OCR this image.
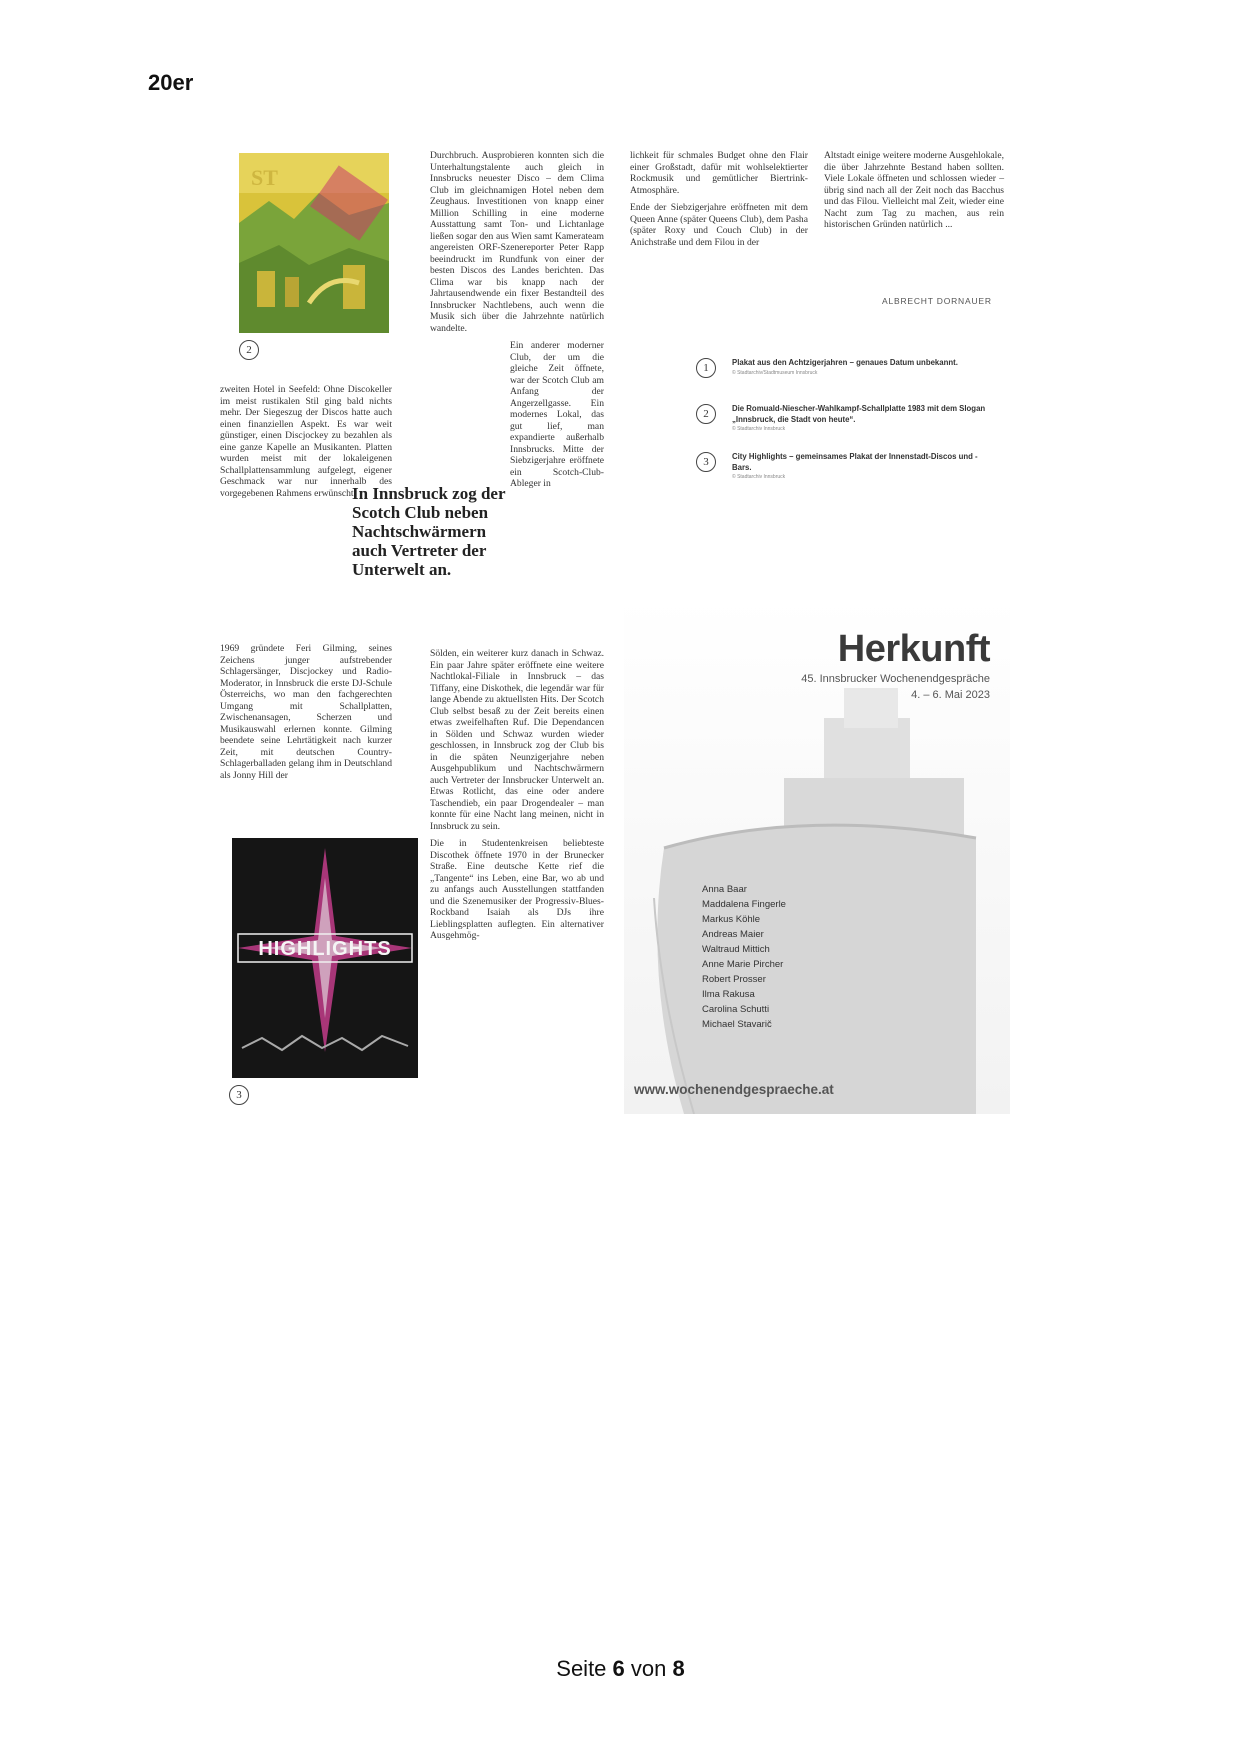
20er
ST
2

zweiten Hotel in Seefeld: Ohne Discokeller im meist rustikalen Stil ging bald nichts mehr. Der Siegeszug der Discos hatte auch einen finanziellen Aspekt. Es war weit günstiger, einen Discjockey zu bezahlen als eine ganze Kapelle an Musikanten. Platten wurden meist mit der lokaleigenen Schallplattensammlung aufgelegt, eigener Geschmack war nur innerhalb des vorgegebenen Rahmens erwünscht.

1969 gründete Feri Gilming, seines Zeichens junger aufstrebender Schlagersänger, Discjockey und Radio-Moderator, in Innsbruck die erste DJ-Schule Österreichs, wo man den fachgerechten Umgang mit Schallplatten, Zwischenansagen, Scherzen und Musikauswahl erlernen konnte. Gilming beendete seine Lehrtätigkeit nach kurzer Zeit, mit deutschen Country-Schlagerballaden gelang ihm in Deutschland als Jonny Hill der

HIGHLIGHTS
3
In Innsbruck zog der Scotch Club neben Nachtschwärmern auch Vertreter der Unterwelt an.

Durchbruch. Ausprobieren konnten sich die Unterhaltungstalente auch gleich in Innsbrucks neuester Disco – dem Clima Club im gleichnamigen Hotel neben dem Zeughaus. Investitionen von knapp einer Million Schilling in eine moderne Ausstattung samt Ton- und Lichtanlage ließen sogar den aus Wien samt Kamerateam angereisten ORF-Szenereporter Peter Rapp beeindruckt im Rundfunk von einer der besten Discos des Landes berichten. Das Clima war bis knapp nach der Jahrtausendwende ein fixer Bestandteil des Innsbrucker Nachtlebens, auch wenn die Musik sich über die Jahrzehnte natürlich wandelte.

Ein anderer moderner Club, der um die gleiche Zeit öffnete, war der Scotch Club am Anfang der Angerzellgasse. Ein modernes Lokal, das gut lief, man expandierte außerhalb Innsbrucks. Mitte der Siebzigerjahre eröffnete ein Scotch-Club-Ableger in

Sölden, ein weiterer kurz danach in Schwaz. Ein paar Jahre später eröffnete eine weitere Nachtlokal-Filiale in Innsbruck – das Tiffany, eine Diskothek, die legendär war für lange Abende zu aktuellsten Hits. Der Scotch Club selbst besaß zu der Zeit bereits einen etwas zweifelhaften Ruf. Die Dependancen in Sölden und Schwaz wurden wieder geschlossen, in Innsbruck zog der Club bis in die späten Neunzigerjahre neben Ausgehpublikum und Nachtschwärmern auch Vertreter der Innsbrucker Unterwelt an. Etwas Rotlicht, das eine oder andere Taschendieb, ein paar Drogendealer – man konnte für eine Nacht lang meinen, nicht in Innsbruck zu sein.

Die in Studentenkreisen beliebteste Discothek öffnete 1970 in der Brunecker Straße. Eine deutsche Kette rief die „Tangente“ ins Leben, eine Bar, wo ab und zu anfangs auch Ausstellungen stattfanden und die Szenemusiker der Progressiv-Blues-Rockband Isaiah als DJs ihre Lieblingsplatten auflegten. Ein alternativer Ausgehmög-

lichkeit für schmales Budget ohne den Flair einer Großstadt, dafür mit wohlselektierter Rockmusik und gemütlicher Biertrink-Atmosphäre.

Ende der Siebzigerjahre eröffneten mit dem Queen Anne (später Queens Club), dem Pasha (später Roxy und Couch Club) in der Anichstraße und dem Filou in der

Altstadt einige weitere moderne Ausgehlokale, die über Jahrzehnte Bestand haben sollten. Viele Lokale öffneten und schlossen wieder – übrig sind nach all der Zeit noch das Bacchus und das Filou. Vielleicht mal Zeit, wieder eine Nacht zum Tag zu machen, aus rein historischen Gründen natürlich ...

ALBRECHT DORNAUER
1	Plakat aus den Achtzigerjahren – genaues Datum unbekannt.
© Stadtarchiv/Stadtmuseum Innsbruck
2	Die Romuald-Niescher-Wahlkampf-Schallplatte 1983 mit dem Slogan „Innsbruck, die Stadt von heute“.
© Stadtarchiv Innsbruck
3	City Highlights – gemeinsames Plakat der Innenstadt-Discos und -Bars.
© Stadtarchiv Innsbruck
Herkunft
45. Innsbrucker Wochenendgespräche
4. – 6. Mai 2023
Anna Baar
Maddalena Fingerle
Markus Köhle
Andreas Maier
Waltraud Mittich
Anne Marie Pircher
Robert Prosser
Ilma Rakusa
Carolina Schutti
Michael Stavarič
www.wochenendgespraeche.at
Seite 6 von 8
